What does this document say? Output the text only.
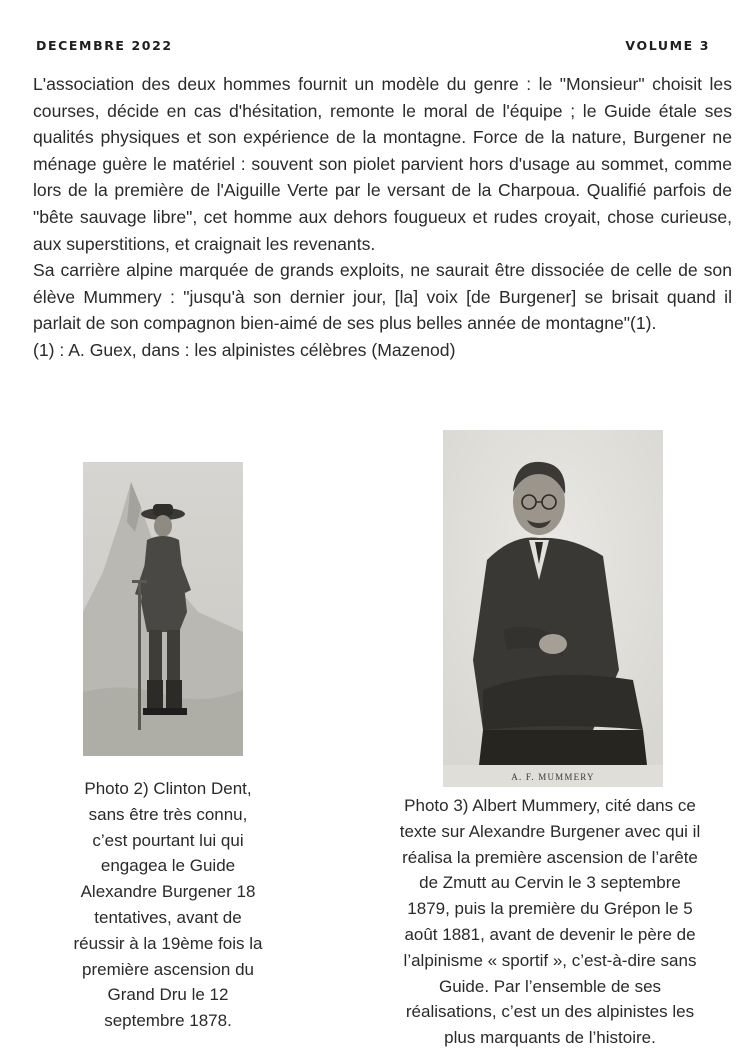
DECEMBRE 2022	VOLUME 3

L'association des deux hommes fournit un modèle du genre : le "Monsieur" choisit les courses, décide en cas d'hésitation, remonte le moral de l'équipe ; le Guide étale ses qualités physiques et son expérience de la montagne. Force de la nature, Burgener ne ménage guère le matériel : souvent son piolet parvient hors d'usage au sommet, comme lors de la première de l'Aiguille Verte par le versant de la Charpoua. Qualifié parfois de "bête sauvage libre", cet homme aux dehors fougueux et rudes croyait, chose curieuse, aux superstitions, et craignait les revenants.

Sa carrière alpine marquée de grands exploits, ne saurait être dissociée de celle de son élève Mummery : "jusqu'à son dernier jour, [la] voix [de Burgener] se brisait quand il parlait de son compagnon bien-aimé de ses plus belles année de montagne"(1).

(1) : A. Guex, dans : les alpinistes célèbres (Mazenod)

A. F. MUMMERY
Photo 2) Clinton Dent,
sans être très connu,
c’est pourtant lui qui
engagea le Guide
Alexandre Burgener 18
tentatives, avant de
réussir à la 19ème fois la
première ascension du
Grand Dru le 12
septembre 1878.
Photo 3) Albert Mummery, cité dans ce
texte sur Alexandre Burgener avec qui il
réalisa la première ascension de l’arête
de Zmutt au Cervin le 3 septembre
1879, puis la première du Grépon le 5
août 1881, avant de devenir le père de
l’alpinisme « sportif », c’est-à-dire sans
Guide. Par l’ensemble de ses
réalisations, c’est un des alpinistes les
plus marquants de l’histoire.
